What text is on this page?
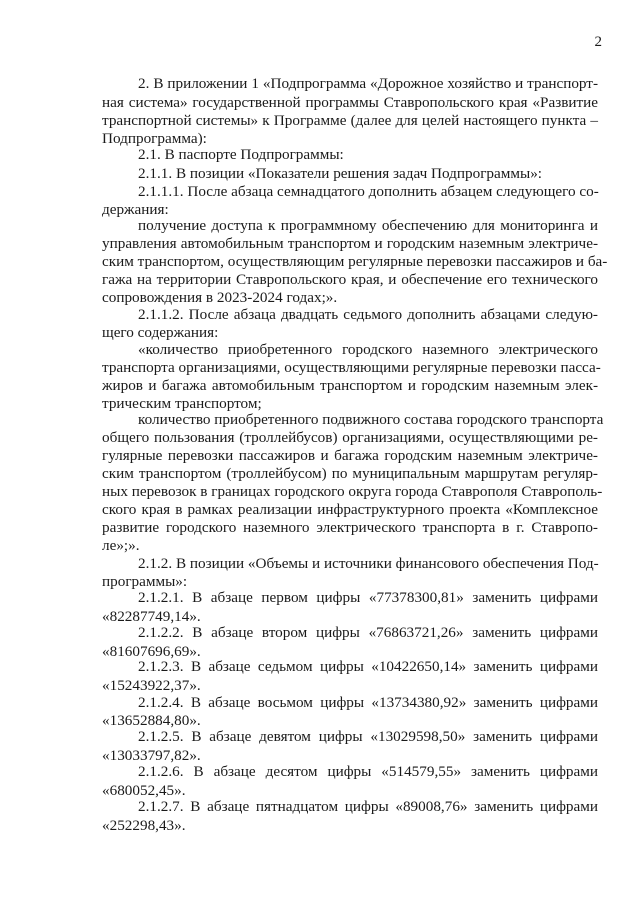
2

2. В приложении 1 «Подпрограмма «Дорожное хозяйство и транспорт-

ная система» государственной программы Ставропольского края «Развитие

транспортной системы» к Программе (далее для целей настоящего пункта –

Подпрограмма):

2.1. В паспорте Подпрограммы:

2.1.1. В позиции «Показатели решения задач Подпрограммы»:

2.1.1.1. После абзаца семнадцатого дополнить абзацем следующего со-

держания:

получение доступа к программному обеспечению для мониторинга и

управления автомобильным транспортом и городским наземным электриче-

ским транспортом, осуществляющим регулярные перевозки пассажиров и ба-

гажа на территории Ставропольского края, и обеспечение его технического

сопровождения в 2023-2024 годах;».

2.1.1.2. После абзаца двадцать седьмого дополнить абзацами следую-

щего содержания:

«количество приобретенного городского наземного электрического

транспорта организациями, осуществляющими регулярные перевозки пасса-

жиров и багажа автомобильным транспортом и городским наземным элек-

трическим транспортом;

количество приобретенного подвижного состава городского транспорта

общего пользования (троллейбусов) организациями, осуществляющими ре-

гулярные перевозки пассажиров и багажа городским наземным электриче-

ским транспортом (троллейбусом) по муниципальным маршрутам регуляр-

ных перевозок в границах городского округа города Ставрополя Ставрополь-

ского края в рамках реализации инфраструктурного проекта «Комплексное

развитие городского наземного электрического транспорта в г. Ставропо-

ле»;».

2.1.2. В позиции «Объемы и источники финансового обеспечения Под-

программы»:

2.1.2.1. В абзаце первом цифры «77378300,81» заменить цифрами

«82287749,14».

2.1.2.2. В абзаце втором цифры «76863721,26» заменить цифрами

«81607696,69».

2.1.2.3. В абзаце седьмом цифры «10422650,14» заменить цифрами

«15243922,37».

2.1.2.4. В абзаце восьмом цифры «13734380,92» заменить цифрами

«13652884,80».

2.1.2.5. В абзаце девятом цифры «13029598,50» заменить цифрами

«13033797,82».

2.1.2.6. В абзаце десятом цифры «514579,55» заменить цифрами

«680052,45».

2.1.2.7. В абзаце пятнадцатом цифры «89008,76» заменить цифрами

«252298,43».
